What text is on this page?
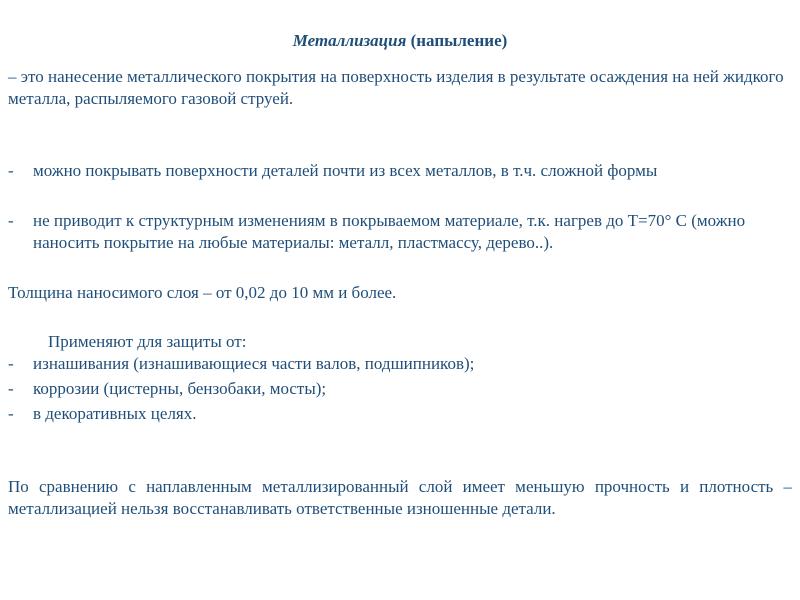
Металлизация (напыление)
– это нанесение металлического покрытия на поверхность изделия в результате осаждения на ней жидкого металла, распыляемого газовой струей.
- можно покрывать поверхности деталей почти из всех металлов, в т.ч. сложной формы
- не приводит к структурным изменениям в покрываемом материале, т.к. нагрев до T=70° C (можно наносить покрытие на любые материалы: металл, пластмассу, дерево..).
Толщина наносимого слоя – от 0,02 до 10 мм и более.
Применяют для защиты от:
- изнашивания (изнашивающиеся части валов, подшипников);
- коррозии (цистерны, бензобаки, мосты);
- в декоративных целях.
По сравнению с наплавленным металлизированный слой имеет меньшую прочность и плотность – металлизацией нельзя восстанавливать ответственные изношенные детали.
